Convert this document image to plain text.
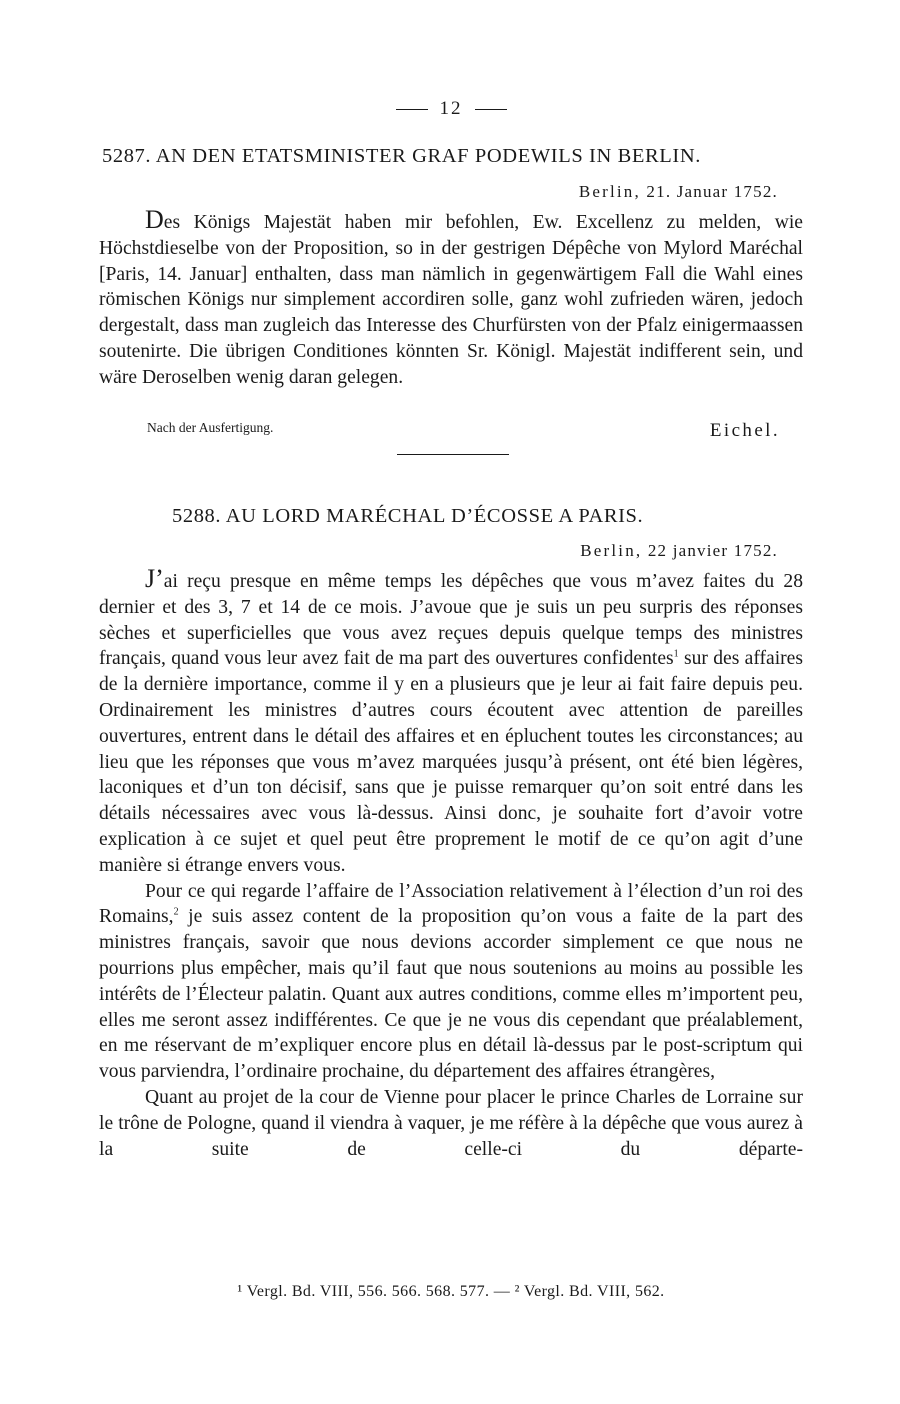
12
5287. AN DEN ETATSMINISTER GRAF PODEWILS IN BERLIN.
Berlin, 21. Januar 1752.

Des Königs Majestät haben mir befohlen, Ew. Excellenz zu melden, wie Höchstdieselbe von der Proposition, so in der gestrigen Dépêche von Mylord Maréchal [Paris, 14. Januar] enthalten, dass man nämlich in gegenwärtigem Fall die Wahl eines römischen Königs nur simplement accordiren solle, ganz wohl zufrieden wären, jedoch dergestalt, dass man zugleich das Interesse des Churfürsten von der Pfalz einigermaassen soutenirte. Die übrigen Conditiones könnten Sr. Königl. Majestät indifferent sein, und wäre Deroselben wenig daran gelegen.

Nach der Ausfertigung.	Eichel.
5288. AU LORD MARÉCHAL D’ÉCOSSE A PARIS.
Berlin, 22 janvier 1752.

J’ai reçu presque en même temps les dépêches que vous m’avez faites du 28 dernier et des 3, 7 et 14 de ce mois. J’avoue que je suis un peu surpris des réponses sèches et superficielles que vous avez reçues depuis quelque temps des ministres français, quand vous leur avez fait de ma part des ouvertures confidentes$^1$ sur des affaires de la dernière importance, comme il y en a plusieurs que je leur ai fait faire depuis peu. Ordinairement les ministres d’autres cours écoutent avec attention de pareilles ouvertures, entrent dans le détail des affaires et en épluchent toutes les circonstances; au lieu que les réponses que vous m’avez marquées jusqu’à présent, ont été bien légères, laconiques et d’un ton décisif, sans que je puisse remarquer qu’on soit entré dans les détails nécessaires avec vous là-dessus. Ainsi donc, je souhaite fort d’avoir votre explication à ce sujet et quel peut être proprement le motif de ce qu’on agit d’une manière si étrange envers vous.

Pour ce qui regarde l’affaire de l’Association relativement à l’élection d’un roi des Romains,$^2$ je suis assez content de la proposition qu’on vous a faite de la part des ministres français, savoir que nous devions accorder simplement ce que nous ne pourrions plus empêcher, mais qu’il faut que nous soutenions au moins au possible les intérêts de l’Électeur palatin. Quant aux autres conditions, comme elles m’importent peu, elles me seront assez indifférentes. Ce que je ne vous dis cependant que préalablement, en me réservant de m’expliquer encore plus en détail là-dessus par le post-scriptum qui vous parviendra, l’ordinaire prochaine, du département des affaires étrangères,

Quant au projet de la cour de Vienne pour placer le prince Charles de Lorraine sur le trône de Pologne, quand il viendra à vaquer, je me réfère à la dépêche que vous aurez à la suite de celle-ci du départe-

¹ Vergl. Bd. VIII, 556. 566. 568. 577. — ² Vergl. Bd. VIII, 562.
